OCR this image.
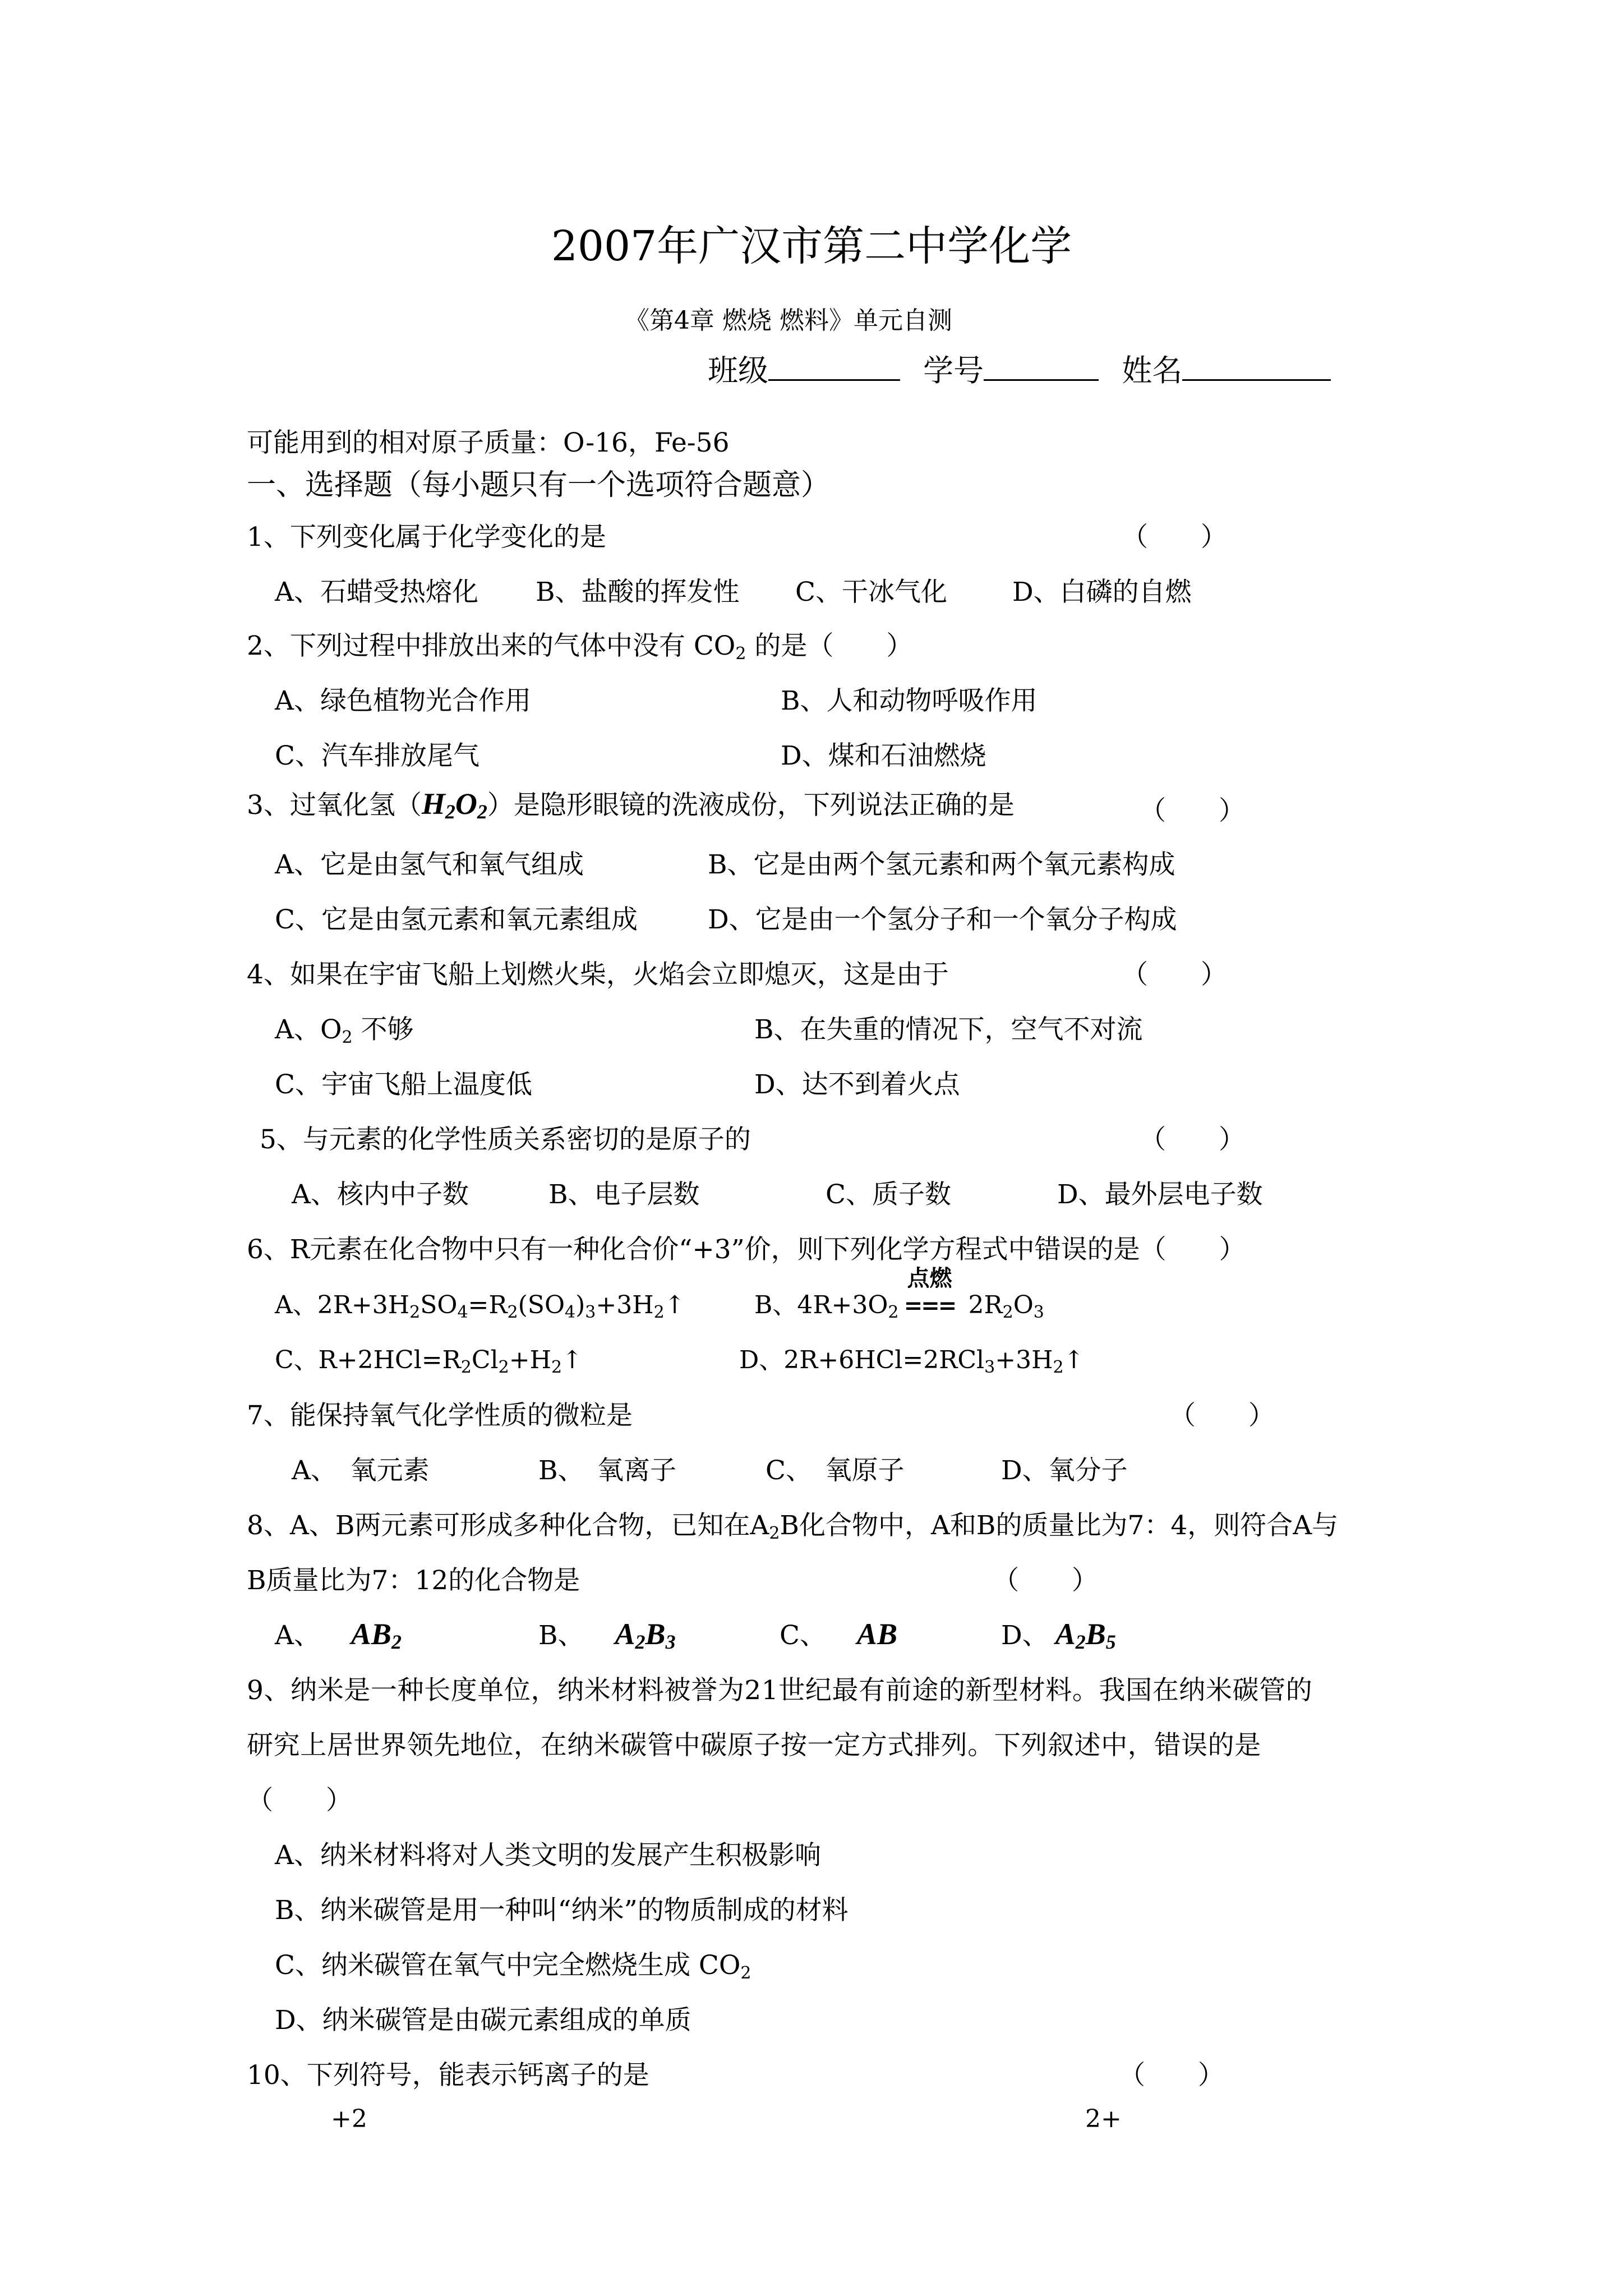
2007年广汉市第二中学化学
《第4章 燃烧 燃料》单元自测
班级	学号	姓名
可能用到的相对原子质量：O-16，Fe-56
一、选择题（每小题只有一个选项符合题意）
1、下列变化属于化学变化的是	（　　）
A、石蜡受热熔化 B、盐酸的挥发性 C、干冰气化 D、白磷的自燃
2、下列过程中排放出来的气体中没有 $CO_2$ 的是（　　）
A、绿色植物光合作用	B、人和动物呼吸作用
C、汽车排放尾气	D、煤和石油燃烧
3、过氧化氢$(H_2O_2)$是隐形眼镜的洗液成份，下列说法正确的是	（　　）
A、它是由氢气和氧气组成	B、它是由两个氢元素和两个氧元素构成
C、它是由氢元素和氧元素组成	D、它是由一个氢分子和一个氧分子构成
4、如果在宇宙飞船上划燃火柴，火焰会立即熄灭，这是由于	（　　）
A、$O_2$ 不够	B、在失重的情况下，空气不对流
C、宇宙飞船上温度低	D、达不到着火点
5、与元素的化学性质关系密切的是原子的	（　　）
A、核内中子数	B、电子层数	C、质子数	D、最外层电子数
6、R元素在化合物中只有一种化合价“+3”价，则下列化学方程式中错误的是（　　）
A、$2R+3H_2SO_4=R_2(SO_4)_3+3H_2↑$	B、$4R+3O_2$
点燃
=== $2R_2O_3$
C、$R+2HCl=R_2Cl_2+H_2↑$	D、$2R+6HCl=2RCl_3+3H_2↑$
7、能保持氧气化学性质的微粒是	（　　）
A、　氧元素	B、　氧离子	C、　氧原子	D、氧分子
8、A、B两元素可形成多种化合物，已知在$A_2B$化合物中，A和B的质量比为7：4，则符合A与
B质量比为7：12的化合物是	（　　）
A、 $AB_2$	B、 $A_2B_3$	C、 AB	D、 $A_2B_5$
9、纳米是一种长度单位，纳米材料被誉为21世纪最有前途的新型材料。我国在纳米碳管的
研究上居世界领先地位，在纳米碳管中碳原子按一定方式排列。下列叙述中，错误的是
（　　）
A、纳米材料将对人类文明的发展产生积极影响
B、纳米碳管是用一种叫“纳米”的物质制成的材料
C、纳米碳管在氧气中完全燃烧生成 $CO_2$
D、纳米碳管是由碳元素组成的单质
10、下列符号，能表示钙离子的是	（　　）
+2	2+
